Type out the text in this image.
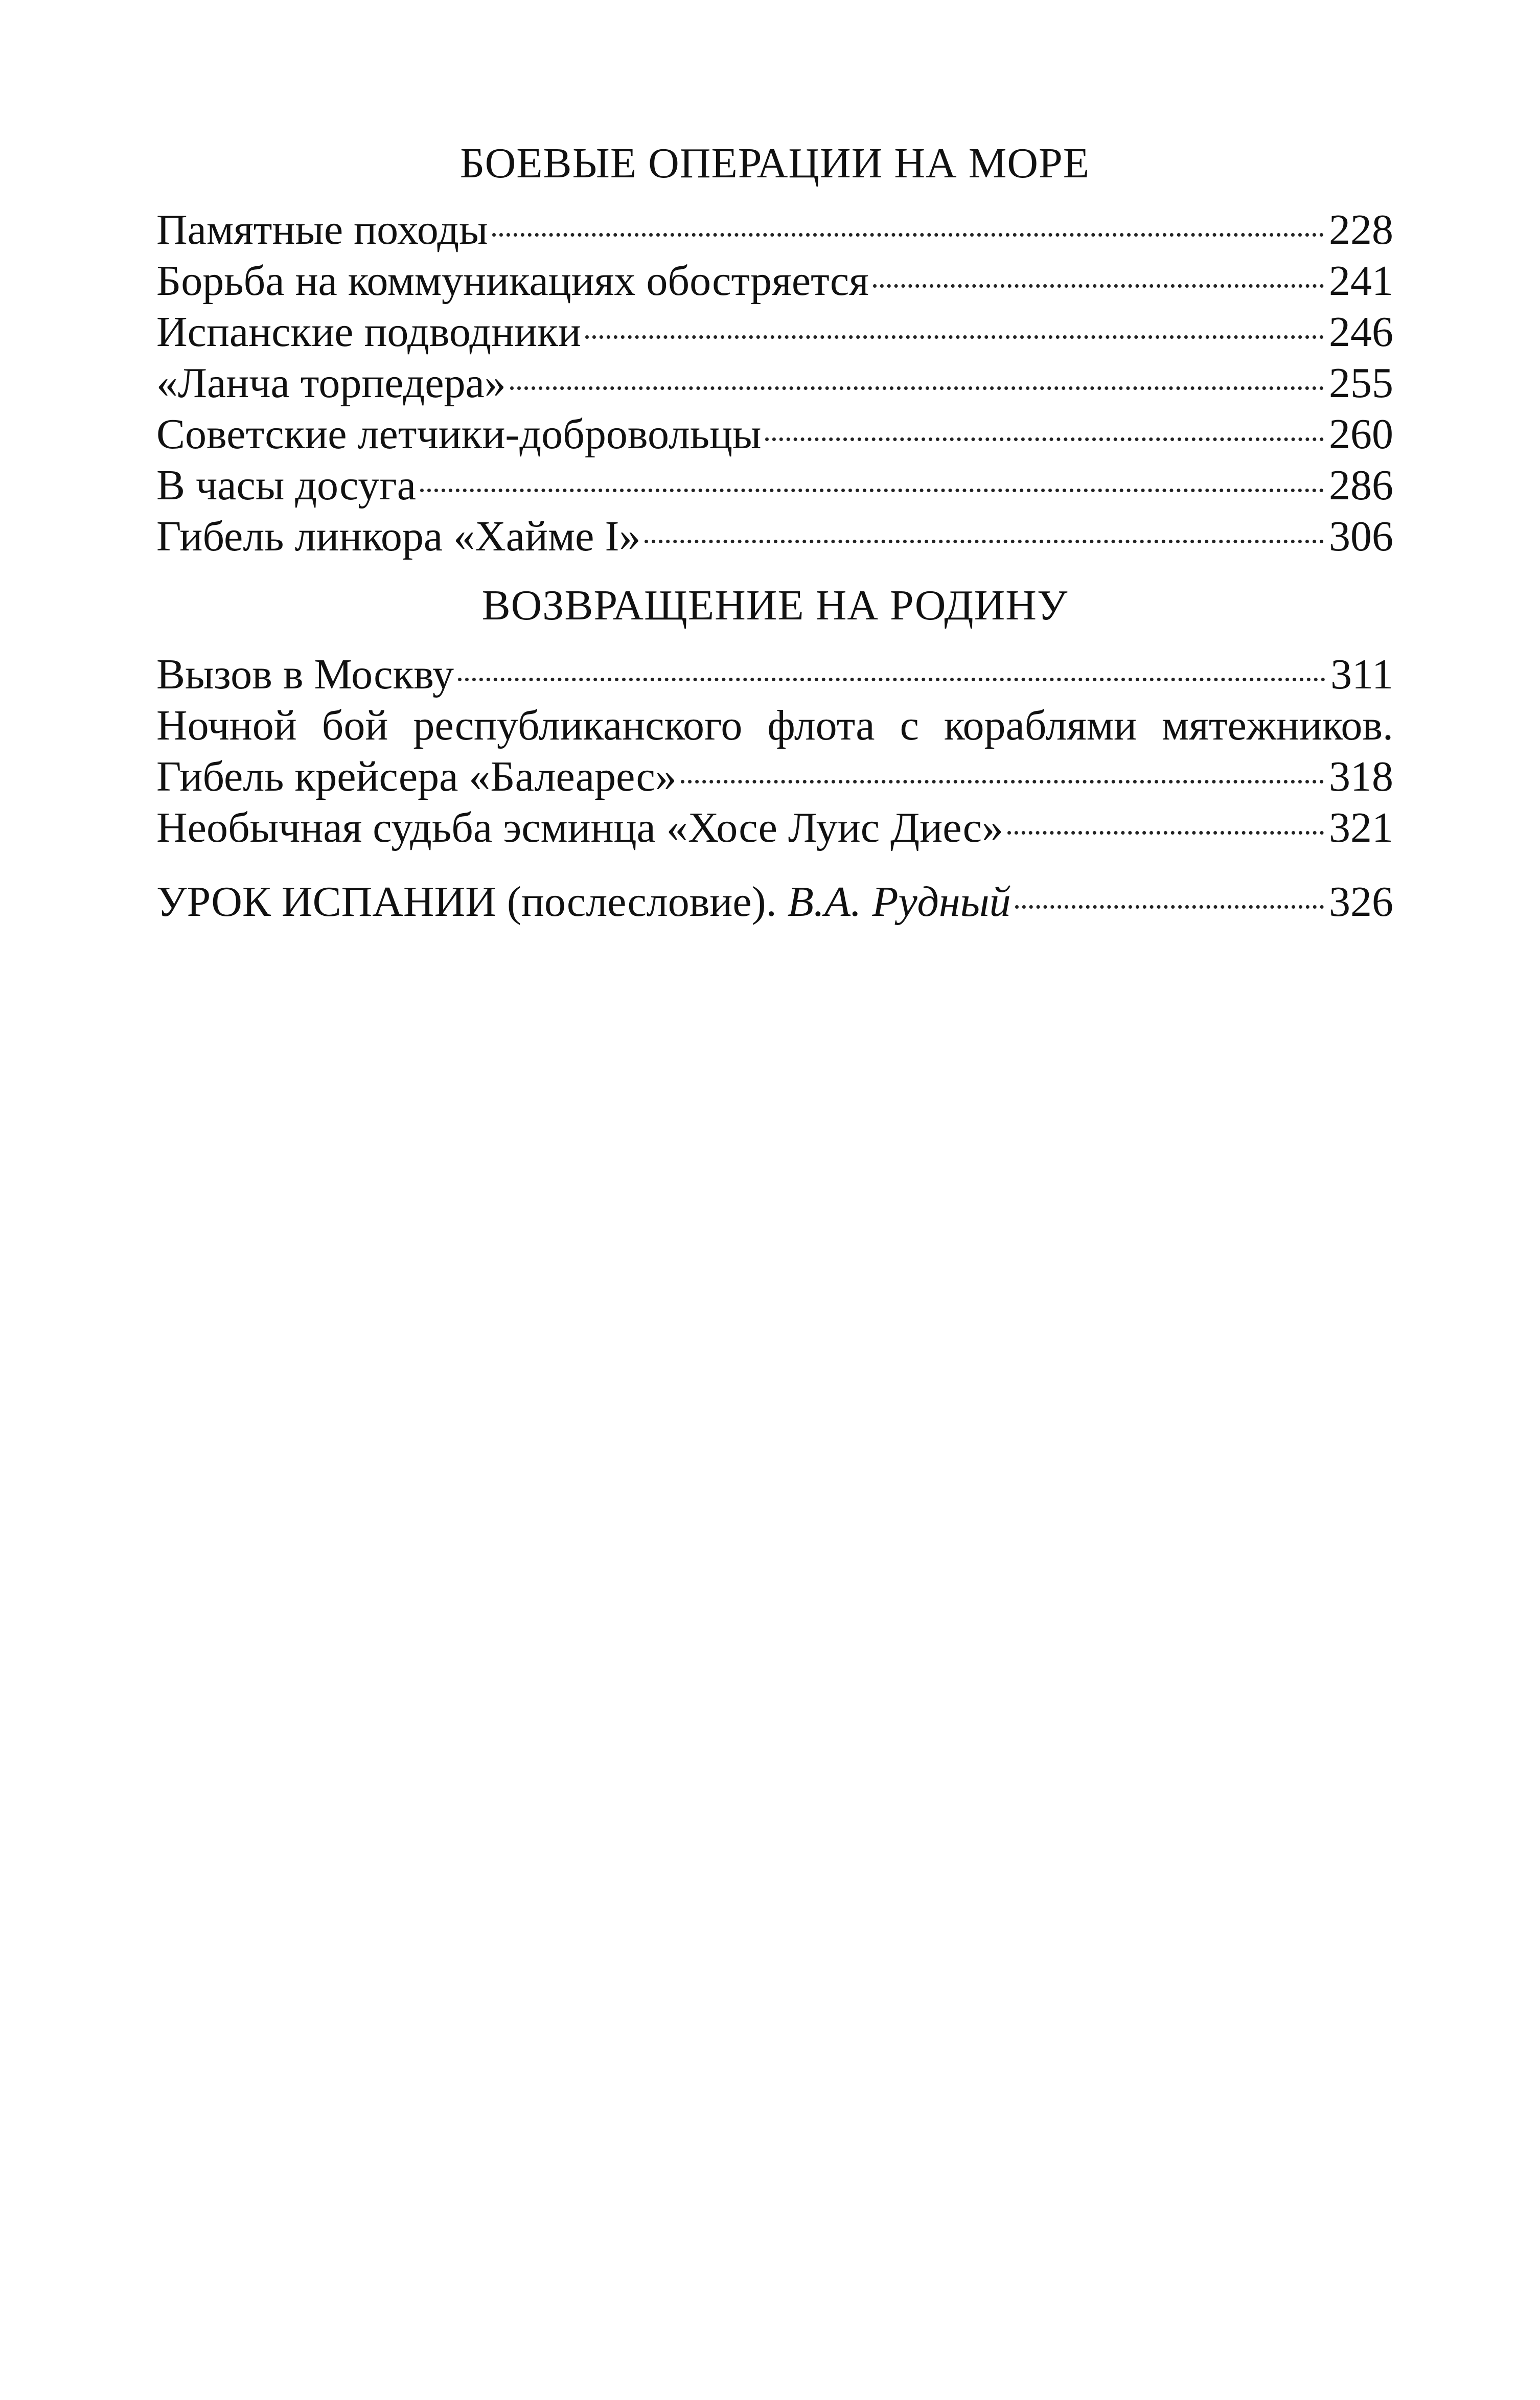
БОЕВЫЕ ОПЕРАЦИИ НА МОРЕ
Памятные походы	228
Борьба на коммуникациях обостряется	241
Испанские подводники	246
«Ланча торпедера»	255
Советские летчики-добровольцы	260
В часы досуга	286
Гибель линкора «Хайме I»	306
ВОЗВРАЩЕНИЕ НА РОДИНУ
Вызов в Москву	311
Ночной бой республиканского флота с кораблями мятежников.
Гибель крейсера «Балеарес»	318
Необычная судьба эсминца «Хосе Луис Диес»	321
УРОК ИСПАНИИ (послесловие). В.А. Рудный	326
